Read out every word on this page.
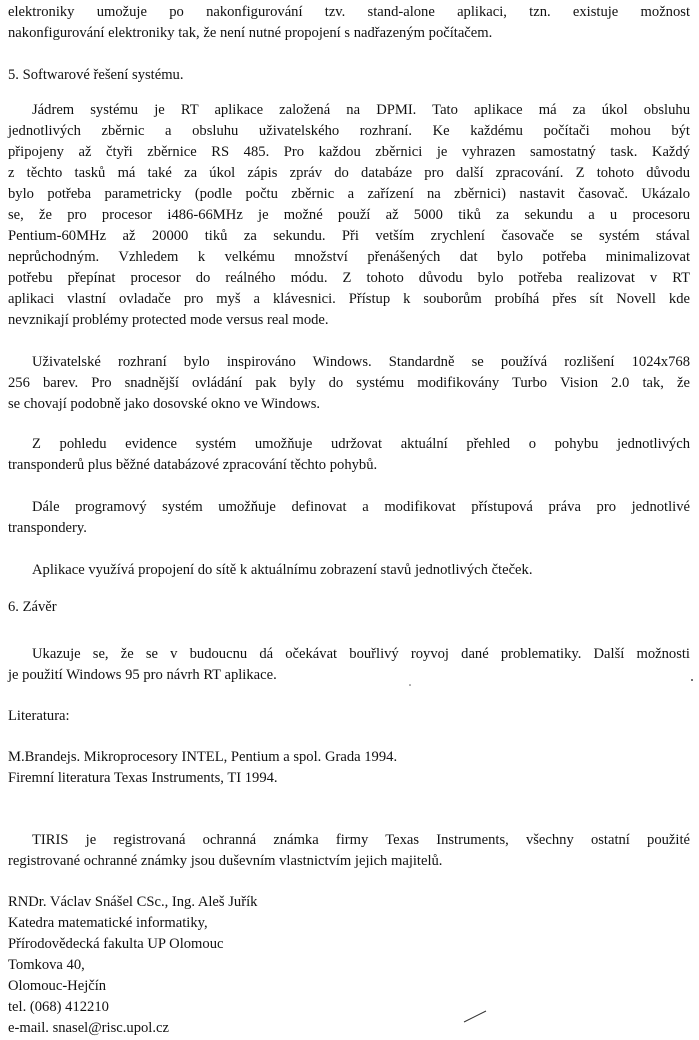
elektroniky umožuje po nakonfigurování tzv. stand-alone aplikaci, tzn. existuje možnost
nakonfigurování elektroniky tak, že není nutné propojení s nadřazeným počítačem.
5. Softwarové řešení systému.
Jádrem systému je RT aplikace založená na DPMI. Tato aplikace má za úkol obsluhu
jednotlivých zběrnic a obsluhu uživatelského rozhraní. Ke každému počítači mohou být
připojeny až čtyři zběrnice RS 485. Pro každou zběrnici je vyhrazen samostatný task. Každý
z těchto tasků má také za úkol zápis zpráv do databáze pro další zpracování. Z tohoto důvodu
bylo potřeba parametricky (podle počtu zběrnic a zařízení na zběrnici) nastavit časovač. Ukázalo
se, že pro procesor i486-66MHz je možné použí až 5000 tiků za sekundu a u procesoru
Pentium-60MHz až 20000 tiků za sekundu. Při vetším zrychlení časovače se systém stával
neprůchodným. Vzhledem k velkému množství přenášených dat bylo potřeba minimalizovat
potřebu přepínat procesor do reálného módu. Z tohoto důvodu bylo potřeba realizovat v RT
aplikaci vlastní ovladače pro myš a klávesnici. Přístup k souborům probíhá přes sít Novell kde
nevznikají problémy protected mode versus real mode.
Uživatelské rozhraní bylo inspirováno Windows. Standardně se používá rozlišení 1024x768
256 barev. Pro snadnější ovládání pak byly do systému modifikovány Turbo Vision 2.0 tak, že
se chovají podobně jako dosovské okno ve Windows.
Z pohledu evidence systém umožňuje udržovat aktuální přehled o pohybu jednotlivých
transponderů plus běžné databázové zpracování těchto pohybů.
Dále programový systém umožňuje definovat a modifikovat přístupová práva pro jednotlivé
transpondery.
Aplikace využívá propojení do sítě k aktuálnímu zobrazení stavů jednotlivých čteček.
6. Závěr
Ukazuje se, že se v budoucnu dá očekávat bouřlivý royvoj dané problematiky. Další možnosti
je použití Windows 95 pro návrh RT aplikace.
Literatura:
M.Brandejs. Mikroprocesory INTEL, Pentium a spol. Grada 1994.
Firemní literatura Texas Instruments, TI 1994.
TIRIS je registrovaná ochranná známka firmy Texas Instruments, všechny ostatní použité
registrované ochranné známky jsou duševním vlastnictvím jejich majitelů.
RNDr. Václav Snášel CSc., Ing. Aleš Juřík
Katedra matematické informatiky,
Přírodovědecká fakulta UP Olomouc
Tomkova 40,
Olomouc-Hejčín
tel. (068) 412210
e-mail. snasel@risc.upol.cz
